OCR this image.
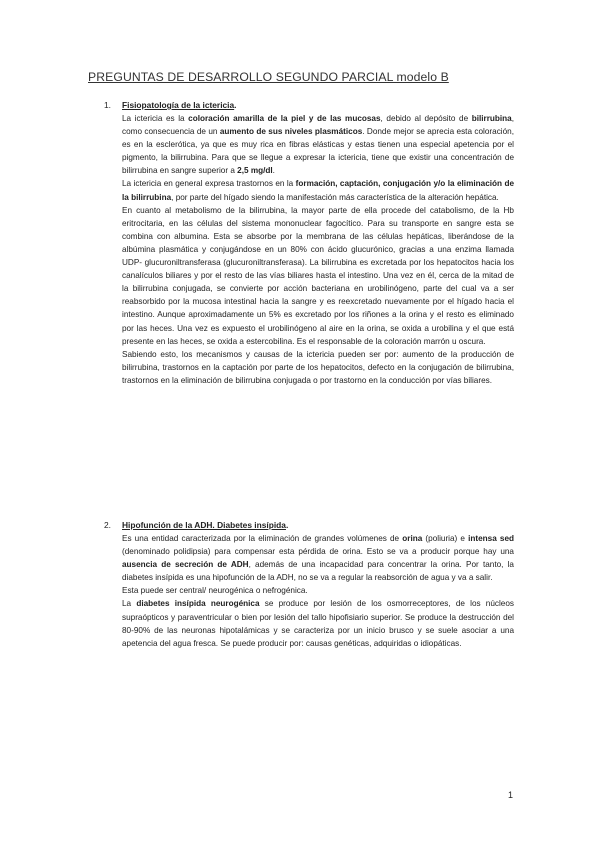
PREGUNTAS DE DESARROLLO SEGUNDO PARCIAL modelo B
1. Fisiopatología de la ictericia.

La ictericia es la coloración amarilla de la piel y de las mucosas, debido al depósito de bilirrubina, como consecuencia de un aumento de sus niveles plasmáticos. Donde mejor se aprecia esta coloración, es en la esclerótica, ya que es muy rica en fibras elásticas y estas tienen una especial apetencia por el pigmento, la bilirrubina. Para que se llegue a expresar la ictericia, tiene que existir una concentración de bilirrubina en sangre superior a 2,5 mg/dl.

La ictericia en general expresa trastornos en la formación, captación, conjugación y/o la eliminación de la bilirrubina, por parte del hígado siendo la manifestación más característica de la alteración hepática.

En cuanto al metabolismo de la bilirrubina, la mayor parte de ella procede del catabolismo, de la Hb eritrocitaria, en las células del sistema mononuclear fagocítico. Para su transporte en sangre esta se combina con albumina. Esta se absorbe por la membrana de las células hepáticas, liberándose de la albúmina plasmática y conjugándose en un 80% con ácido glucurónico, gracias a una enzima llamada UDP- glucuroniltransferasa (glucuroniltransferasa). La bilirrubina es excretada por los hepatocitos hacia los canalículos biliares y por el resto de las vías biliares hasta el intestino. Una vez en él, cerca de la mitad de la bilirrubina conjugada, se convierte por acción bacteriana en urobilinógeno, parte del cual va a ser reabsorbido por la mucosa intestinal hacia la sangre y es reexcretado nuevamente por el hígado hacia el intestino. Aunque aproximadamente un 5% es excretado por los riñones a la orina y el resto es eliminado por las heces. Una vez es expuesto el urobilinógeno al aire en la orina, se oxida a urobilina y el que está presente en las heces, se oxida a estercobilina. Es el responsable de la coloración marrón u oscura.

Sabiendo esto, los mecanismos y causas de la ictericia pueden ser por: aumento de la producción de bilirrubina, trastornos en la captación por parte de los hepatocitos, defecto en la conjugación de bilirrubina, trastornos en la eliminación de bilirrubina conjugada o por trastorno en la conducción por vías biliares.

2. Hipofunción de la ADH. Diabetes insípida.

Es una entidad caracterizada por la eliminación de grandes volúmenes de orina (poliuria) e intensa sed (denominado polidipsia) para compensar esta pérdida de orina. Esto se va a producir porque hay una ausencia de secreción de ADH, además de una incapacidad para concentrar la orina. Por tanto, la diabetes insípida es una hipofunción de la ADH, no se va a regular la reabsorción de agua y va a salir.

Esta puede ser central/ neurogénica o nefrogénica.

La diabetes insípida neurogénica se produce por lesión de los osmorreceptores, de los núcleos supraópticos y paraventricular o bien por lesión del tallo hipofisiario superior. Se produce la destrucción del 80-90% de las neuronas hipotalámicas y se caracteriza por un inicio brusco y se suele asociar a una apetencia del agua fresca. Se puede producir por: causas genéticas, adquiridas o idiopáticas.

1
